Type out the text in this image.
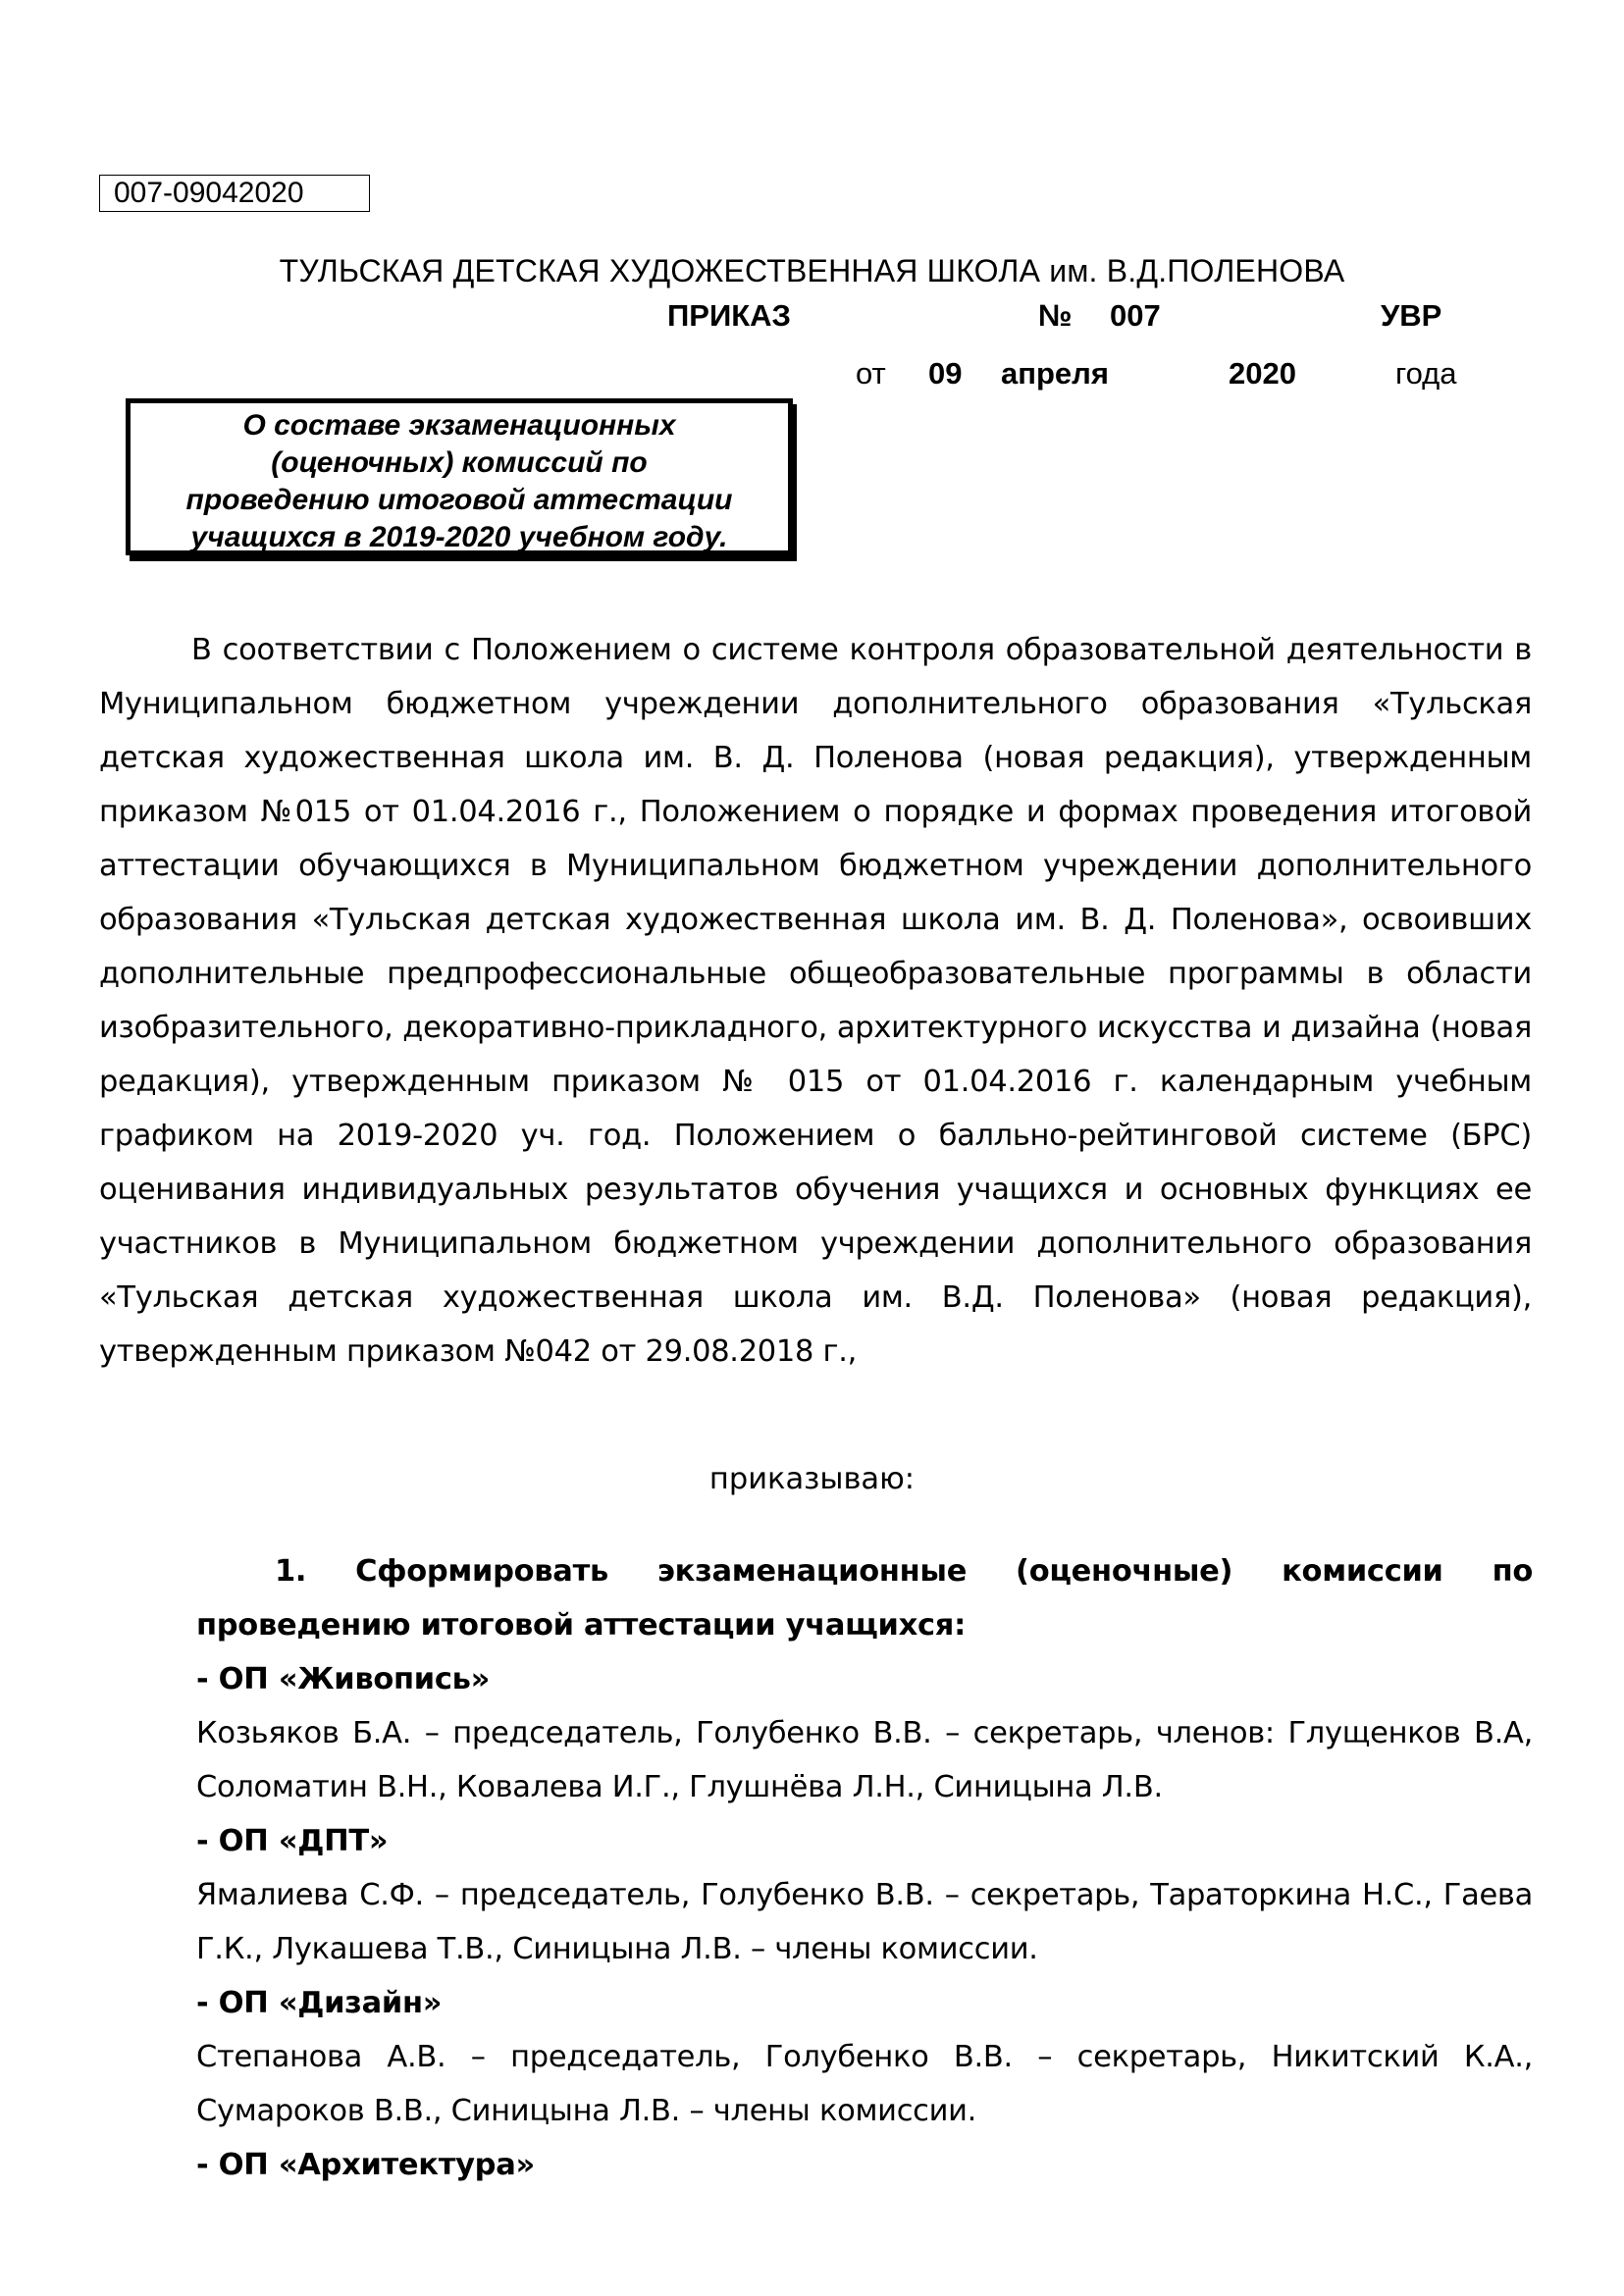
007-09042020
ТУЛЬСКАЯ ДЕТСКАЯ ХУДОЖЕСТВЕННАЯ ШКОЛА им. В.Д.ПОЛЕНОВА
ПРИКАЗ	№ 007	УВР
от 09 апреля	2020	года
О составе экзаменационных
(оценочных) комиссий по
проведению итоговой аттестации
учащихся в 2019-2020 учебном году.

В соответствии с Положением о системе контроля образовательной деятельности в Муниципальном бюджетном учреждении дополнительного образования «Тульская детская художественная школа им. В. Д. Поленова (новая редакция), утвержденным приказом №015 от 01.04.2016 г., Положением о порядке и формах проведения итоговой аттестации обучающихся в Муниципальном бюджетном учреждении дополнительного образования «Тульская детская художественная школа им. В. Д. Поленова», освоивших дополнительные предпрофессиональные общеобразовательные программы в области изобразительного, декоративно-прикладного, архитектурного искусства и дизайна (новая редакция), утвержденным приказом № 015 от 01.04.2016 г. календарным учебным графиком на 2019-2020 уч. год. Положением о балльно-рейтинговой системе (БРС) оценивания индивидуальных результатов обучения учащихся и основных функциях ее участников в Муниципальном бюджетном учреждении дополнительного образования «Тульская детская художественная школа им. В.Д. Поленова» (новая редакция), утвержденным приказом №042 от 29.08.2018 г.,

приказываю:

1. Сформировать экзаменационные (оценочные) комиссии по проведению итоговой аттестации учащихся:

- ОП «Живопись»

Козьяков Б.А. – председатель, Голубенко В.В. – секретарь, членов: Глущенков В.А, Соломатин В.Н., Ковалева И.Г., Глушнёва Л.Н., Синицына Л.В.

- ОП «ДПТ»

Ямалиева С.Ф. – председатель, Голубенко В.В. – секретарь, Тараторкина Н.С., Гаева Г.К., Лукашева Т.В., Синицына Л.В. – члены комиссии.

- ОП «Дизайн»

Степанова А.В. – председатель, Голубенко В.В. – секретарь, Никитский К.А., Сумароков В.В., Синицына Л.В. – члены комиссии.

- ОП «Архитектура»
